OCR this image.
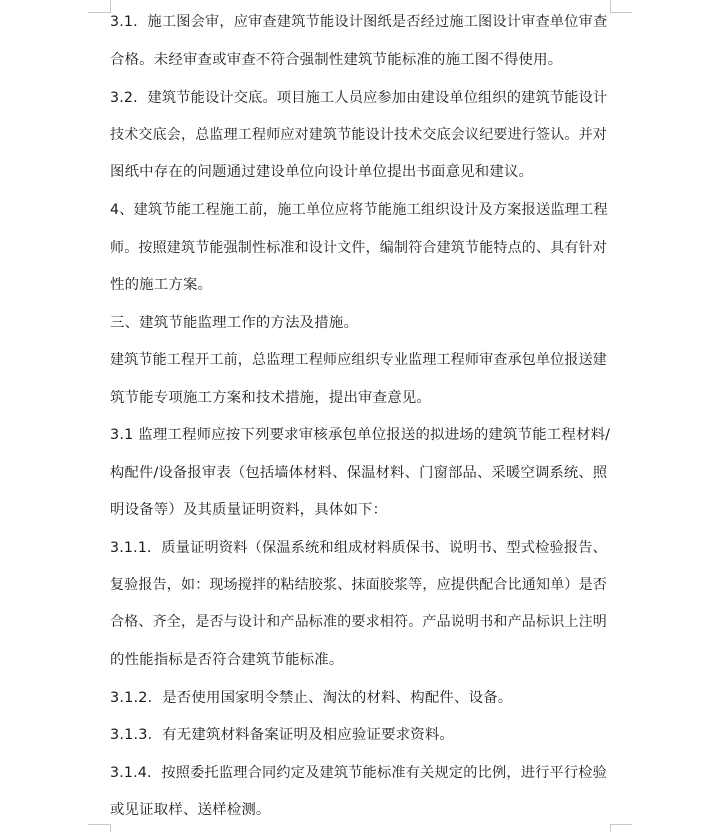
3.1．施工图会审，应审查建筑节能设计图纸是否经过施工图设计审查单位审查
合格。未经审查或审查不符合强制性建筑节能标准的施工图不得使用。
3.2．建筑节能设计交底。项目施工人员应参加由建设单位组织的建筑节能设计
技术交底会，总监理工程师应对建筑节能设计技术交底会议纪要进行签认。并对
图纸中存在的问题通过建设单位向设计单位提出书面意见和建议。
4、建筑节能工程施工前，施工单位应将节能施工组织设计及方案报送监理工程
师。按照建筑节能强制性标准和设计文件，编制符合建筑节能特点的、具有针对
性的施工方案。
三、建筑节能监理工作的方法及措施。
建筑节能工程开工前，总监理工程师应组织专业监理工程师审查承包单位报送建
筑节能专项施工方案和技术措施，提出审查意见。
3.1 监理工程师应按下列要求审核承包单位报送的拟进场的建筑节能工程材料/
构配件/设备报审表（包括墙体材料、保温材料、门窗部品、采暖空调系统、照
明设备等）及其质量证明资料，具体如下：
3.1.1．质量证明资料（保温系统和组成材料质保书、说明书、型式检验报告、
复验报告，如：现场搅拌的粘结胶浆、抹面胶浆等，应提供配合比通知单）是否
合格、齐全，是否与设计和产品标准的要求相符。产品说明书和产品标识上注明
的性能指标是否符合建筑节能标准。
3.1.2．是否使用国家明令禁止、淘汰的材料、构配件、设备。
3.1.3．有无建筑材料备案证明及相应验证要求资料。
3.1.4．按照委托监理合同约定及建筑节能标准有关规定的比例，进行平行检验
或见证取样、送样检测。
